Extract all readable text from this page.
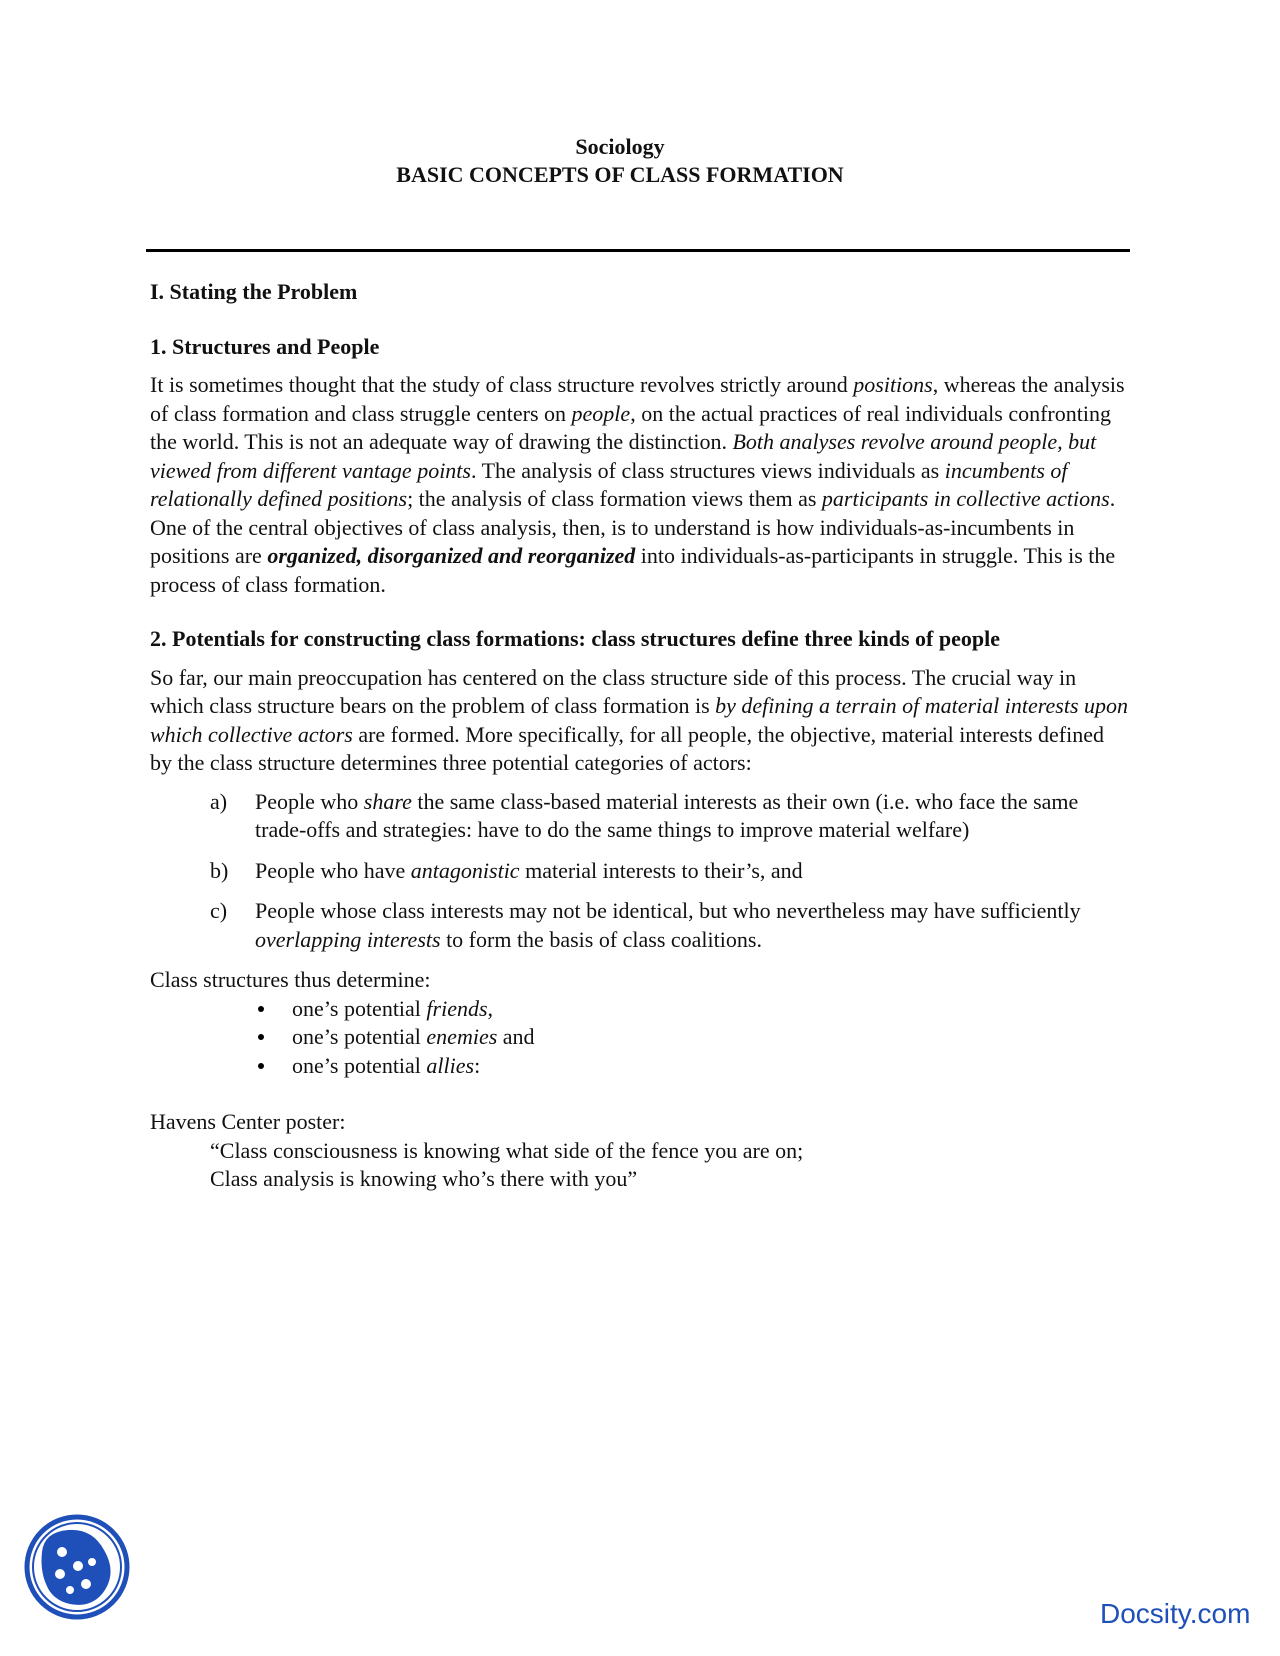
Sociology
BASIC CONCEPTS OF CLASS FORMATION
I. Stating the Problem
1. Structures and People

It is sometimes thought that the study of class structure revolves strictly around positions, whereas the analysis of class formation and class struggle centers on people, on the actual practices of real individuals confronting the world. This is not an adequate way of drawing the distinction. Both analyses revolve around people, but viewed from different vantage points. The analysis of class structures views individuals as incumbents of relationally defined positions; the analysis of class formation views them as participants in collective actions. One of the central objectives of class analysis, then, is to understand is how individuals-as-incumbents in positions are organized, disorganized and reorganized into individuals-as-participants in struggle. This is the process of class formation.

2. Potentials for constructing class formations: class structures define three kinds of people

So far, our main preoccupation has centered on the class structure side of this process. The crucial way in which class structure bears on the problem of class formation is by defining a terrain of material interests upon which collective actors are formed. More specifically, for all people, the objective, material interests defined by the class structure determines three potential categories of actors:

a) People who share the same class-based material interests as their own (i.e. who face the same trade-offs and strategies: have to do the same things to improve material welfare)
b) People who have antagonistic material interests to their’s, and
c) People whose class interests may not be identical, but who nevertheless may have sufficiently overlapping interests to form the basis of class coalitions.

Class structures thus determine:

one’s potential friends,
one’s potential enemies and
one’s potential allies:

Havens Center poster:

“Class consciousness is knowing what side of the fence you are on;

Class analysis is knowing who’s there with you”

Docsity.com
